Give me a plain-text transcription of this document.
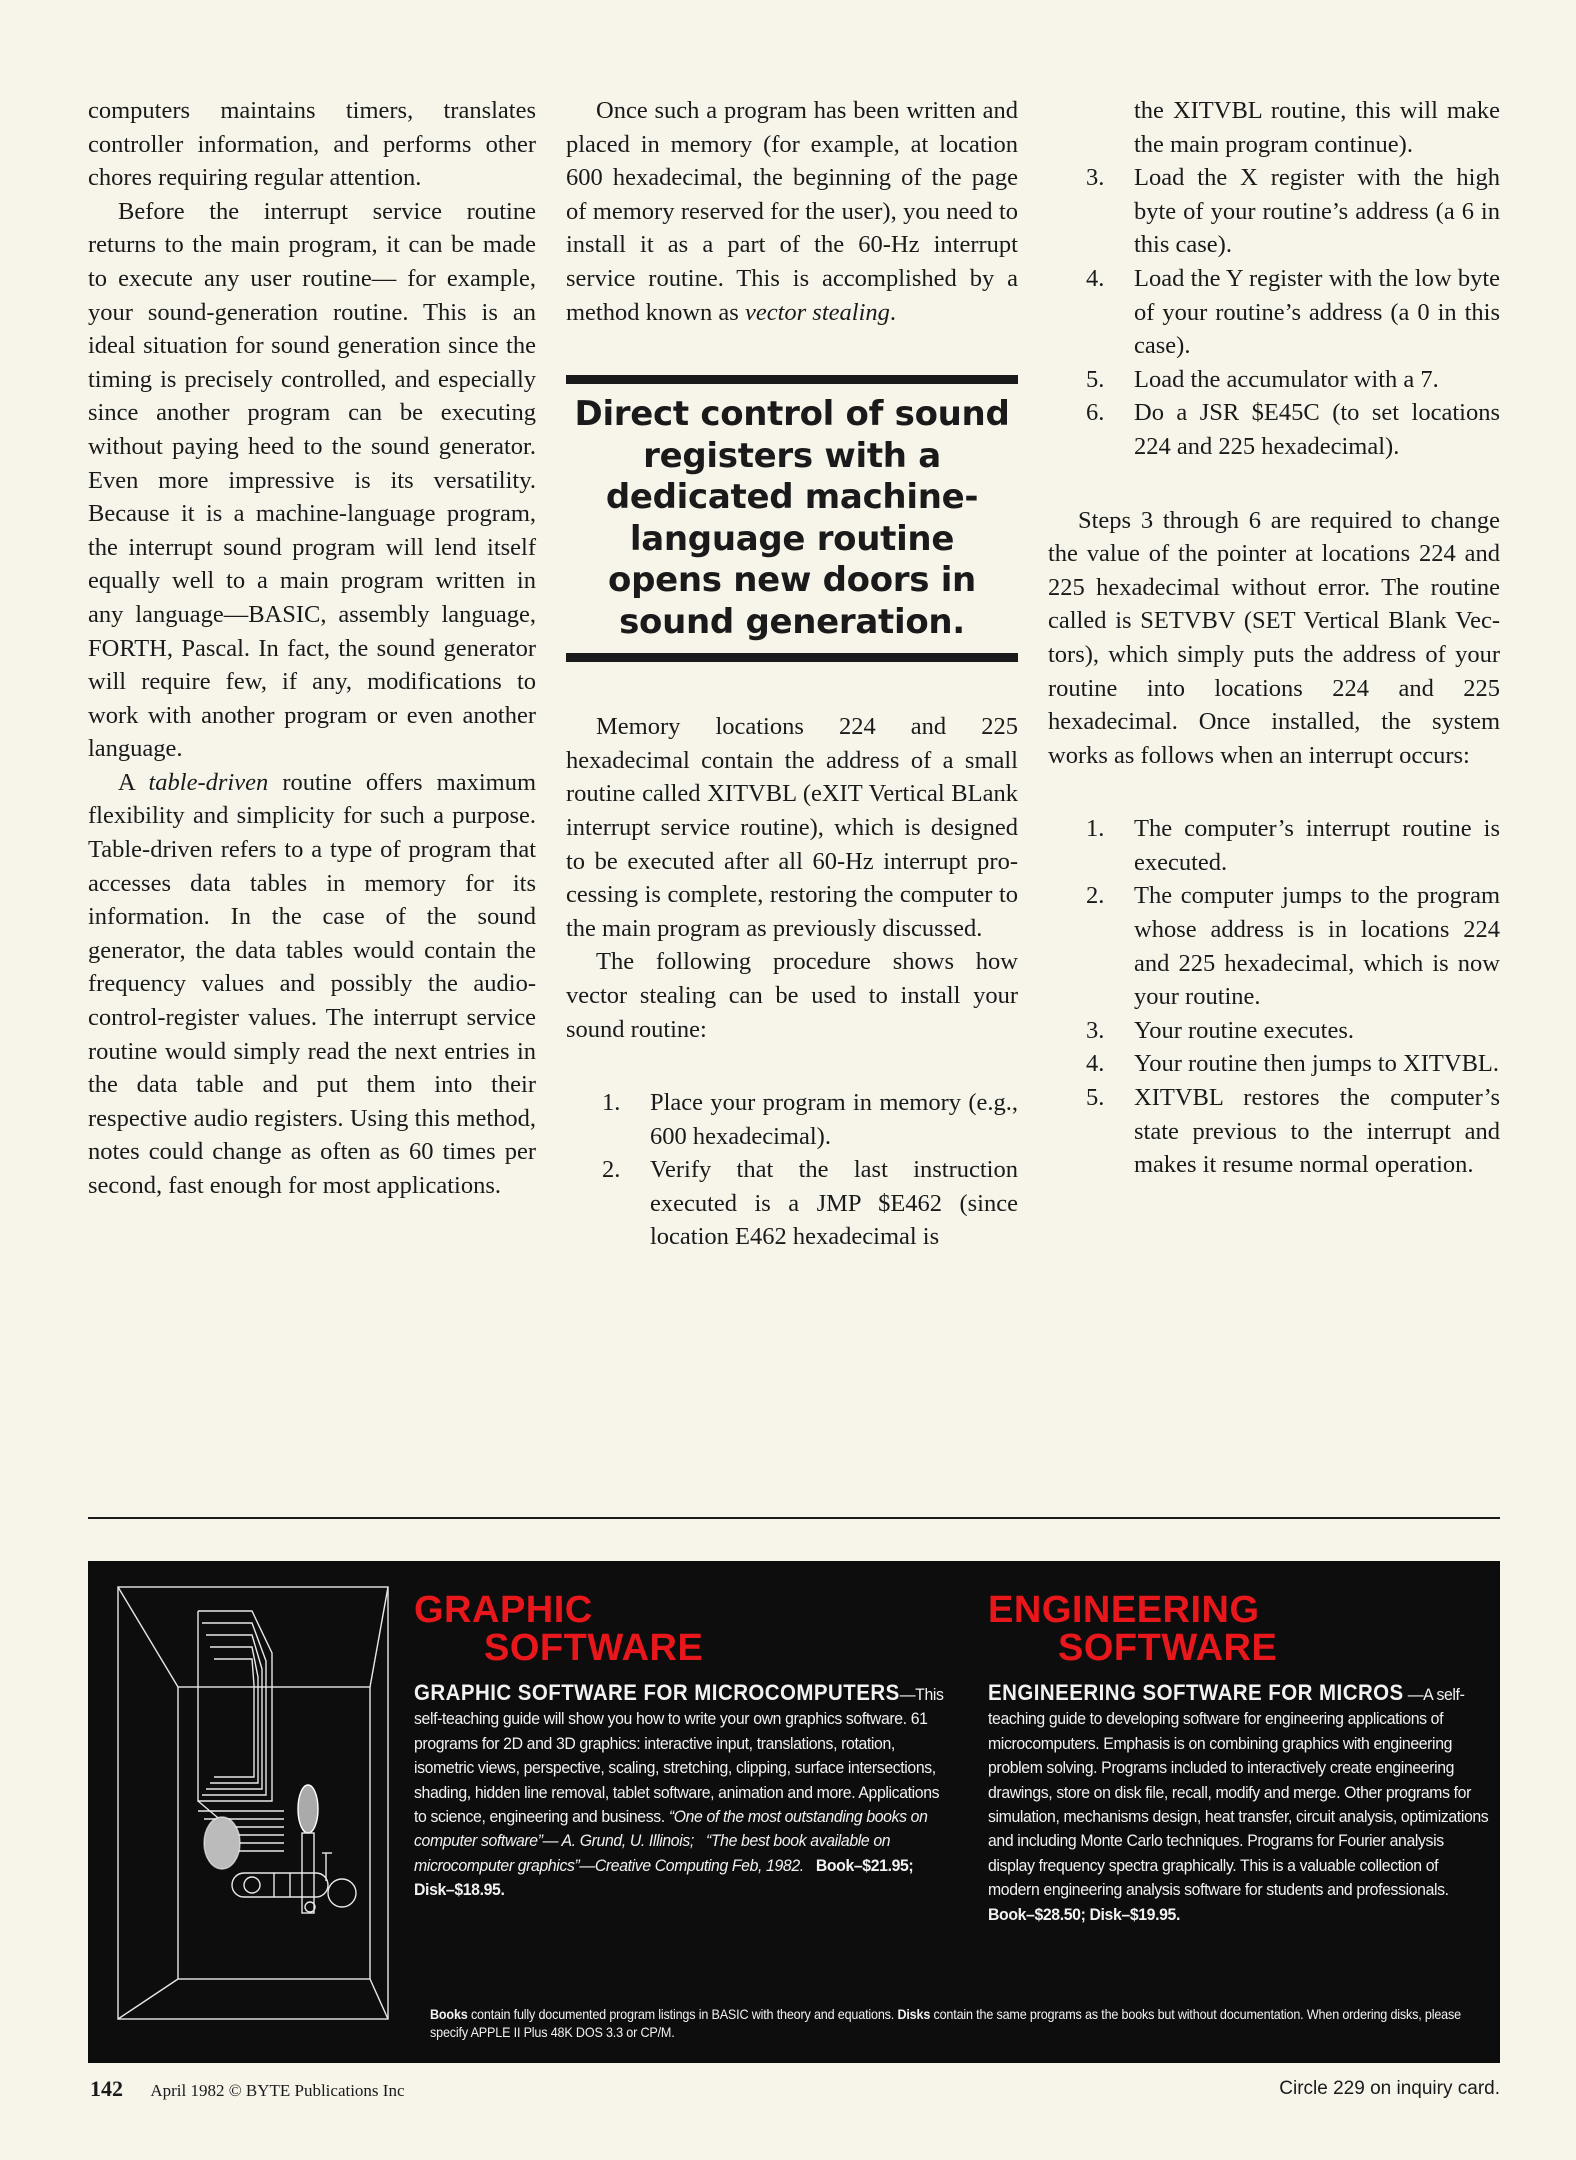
computers maintains timers, translates controller information, and performs other chores requiring regular attention.

Before the interrupt service routine returns to the main program, it can be made to execute any user routine— for example, your sound-generation routine. This is an ideal situation for sound generation since the timing is precisely controlled, and especially since another program can be executing without paying heed to the sound generator. Even more impressive is its versatility. Because it is a machine-language program, the interrupt sound program will lend itself equally well to a main program written in any language—BASIC, assembly language, FORTH, Pascal. In fact, the sound generator will require few, if any, modifications to work with another program or even another language.

A table-driven routine offers maximum flexibility and simplicity for such a purpose. Table-driven refers to a type of program that accesses data tables in memory for its information. In the case of the sound generator, the data tables would contain the frequency values and possibly the audio-control-register values. The interrupt service routine would simply read the next entries in the data table and put them into their respective audio registers. Using this method, notes could change as often as 60 times per second, fast enough for most applications.

Once such a program has been written and placed in memory (for example, at location 600 hexadecimal, the beginning of the page of memory reserved for the user), you need to install it as a part of the 60-Hz interrupt service routine. This is accomplished by a method known as vector stealing.

Direct control of sound registers with a dedicated machine-language routine opens new doors in sound generation.

Memory locations 224 and 225 hexadecimal contain the address of a small routine called XITVBL (eXIT Vertical BLank interrupt service routine), which is designed to be executed after all 60-Hz interrupt processing is complete, restoring the computer to the main program as previously discussed.

The following procedure shows how vector stealing can be used to install your sound routine:

1. Place your program in memory (e.g., 600 hexadecimal).
2. Verify that the last instruction executed is a JMP $E462 (since location E462 hexadecimal is
the XITVBL routine, this will make the main program continue).
3. Load the X register with the high byte of your routine’s address (a 6 in this case).
4. Load the Y register with the low byte of your routine’s address (a 0 in this case).
5. Load the accumulator with a 7.
6. Do a JSR $E45C (to set locations 224 and 225 hexadecimal).

Steps 3 through 6 are required to change the value of the pointer at locations 224 and 225 hexadecimal without error. The routine called is SETVBV (SET Vertical Blank Vectors), which simply puts the address of your routine into locations 224 and 225 hexadecimal. Once installed, the system works as follows when an interrupt occurs:

1. The computer’s interrupt routine is executed.
2. The computer jumps to the program whose address is in locations 224 and 225 hexadecimal, which is now your routine.
3. Your routine executes.
4. Your routine then jumps to XITVBL.
5. XITVBL restores the computer’s state previous to the interrupt and makes it resume normal operation.
GRAPHIC
SOFTWARE
GRAPHIC SOFTWARE FOR MICROCOMPUTERS—This self-teaching guide will show you how to write your own graphics software. 61 programs for 2D and 3D graphics: interactive input, translations, rotation, isometric views, perspective, scaling, stretching, clipping, surface intersections, shading, hidden line removal, tablet software, animation and more. Applications to science, engineering and business. “One of the most outstanding books on computer software”— A. Grund, U. Illinois; “The best book available on microcomputer graphics”—Creative Computing Feb, 1982. Book–$21.95; Disk–$18.95.
ENGINEERING
SOFTWARE
ENGINEERING SOFTWARE FOR MICROS —A self-teaching guide to developing software for engineering applications of microcomputers. Emphasis is on combining graphics with engineering problem solving. Programs included to interactively create engineering drawings, store on disk file, recall, modify and merge. Other programs for simulation, mechanisms design, heat transfer, circuit analysis, optimizations and including Monte Carlo techniques. Programs for Fourier analysis display frequency spectra graphically. This is a valuable collection of modern engineering analysis software for students and professionals.
Book–$28.50; Disk–$19.95.
Books contain fully documented program listings in BASIC with theory and equations. Disks contain the same programs as the books but without documentation. When ordering disks, please specify APPLE II Plus 48K DOS 3.3 or CP/M.
142 April 1982 © BYTE Publications Inc	Circle 229 on inquiry card.
